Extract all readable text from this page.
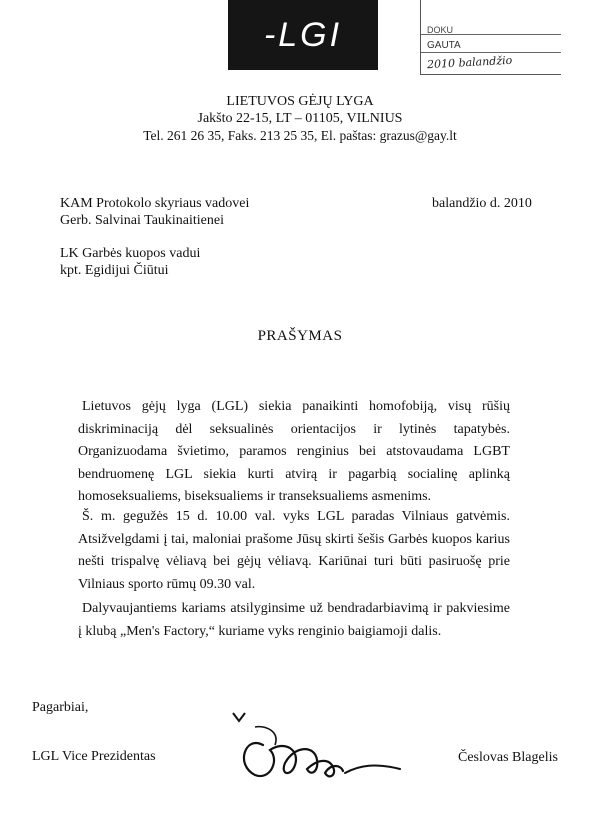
-LGI	DOKU
GAUTA
2010 balandžio
LIETUVOS GĖJŲ LYGA
Jakšto 22-15, LT – 01105, VILNIUS
Tel. 261 26 35, Faks. 213 25 35, El. paštas: grazus@gay.lt
KAM Protokolo skyriaus vadovei
Gerb. Salvinai Taukinaitienei
balandžio d. 2010
LK Garbės kuopos vadui
kpt. Egidijui Čiūtui
PRAŠYMAS
Lietuvos gėjų lyga (LGL) siekia panaikinti homofobiją, visų rūšių diskriminaciją dėl seksualinės orientacijos ir lytinės tapatybės. Organizuodama švietimo, paramos renginius bei atstovaudama LGBT bendruomenę LGL siekia kurti atvirą ir pagarbią socialinę aplinką homoseksualiems, biseksualiems ir transeksualiems asmenims.
Š. m. gegužės 15 d. 10.00 val. vyks LGL paradas Vilniaus gatvėmis. Atsižvelgdami į tai, maloniai prašome Jūsų skirti šešis Garbės kuopos karius nešti trispalvę vėliavą bei gėjų vėliavą. Kariūnai turi būti pasiruošę prie Vilniaus sporto rūmų 09.30 val.
Dalyvaujantiems kariams atsilyginsime už bendradarbiavimą ir pakviesime į klubą „Men's Factory,“ kuriame vyks renginio baigiamoji dalis.
Pagarbiai,
LGL Vice Prezidentas	Česlovas Blagelis
